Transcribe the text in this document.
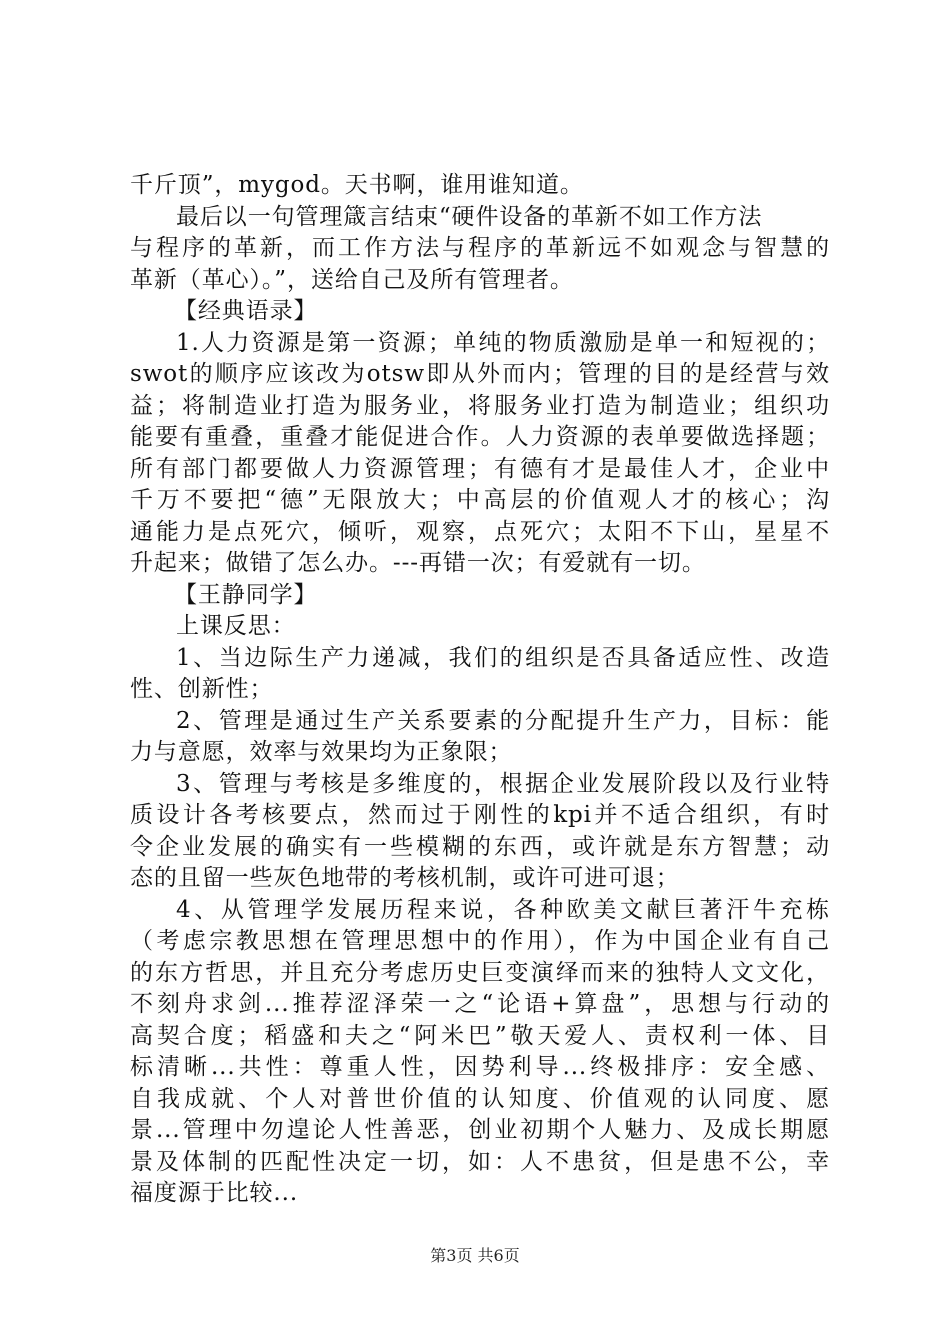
千斤顶”，mygod。天书啊，谁用谁知道。
最后以一句管理箴言结束“硬件设备的革新不如工作方法
与程序的革新，而工作方法与程序的革新远不如观念与智慧的
革新（革心）。”，送给自己及所有管理者。
【经典语录】
1.人力资源是第一资源；单纯的物质激励是单一和短视的；
swot的顺序应该改为otsw即从外而内；管理的目的是经营与效
益；将制造业打造为服务业，将服务业打造为制造业；组织功
能要有重叠，重叠才能促进合作。人力资源的表单要做选择题；
所有部门都要做人力资源管理；有德有才是最佳人才，企业中
千万不要把“德”无限放大；中高层的价值观人才的核心；沟
通能力是点死穴，倾听，观察，点死穴；太阳不下山，星星不
升起来；做错了怎么办。---再错一次；有爱就有一切。
【王静同学】
上课反思：
1、当边际生产力递减，我们的组织是否具备适应性、改造
性、创新性；
2、管理是通过生产关系要素的分配提升生产力，目标：能
力与意愿，效率与效果均为正象限；
3、管理与考核是多维度的，根据企业发展阶段以及行业特
质设计各考核要点，然而过于刚性的kpi并不适合组织，有时
令企业发展的确实有一些模糊的东西，或许就是东方智慧；动
态的且留一些灰色地带的考核机制，或许可进可退；
4、从管理学发展历程来说，各种欧美文献巨著汗牛充栋
（考虑宗教思想在管理思想中的作用），作为中国企业有自己
的东方哲思，并且充分考虑历史巨变演绎而来的独特人文文化，
不刻舟求剑...推荐涩泽荣一之“论语+算盘”，思想与行动的
高契合度；稻盛和夫之“阿米巴”敬天爱人、责权利一体、目
标清晰...共性：尊重人性，因势利导...终极排序：安全感、
自我成就、个人对普世价值的认知度、价值观的认同度、愿
景...管理中勿遑论人性善恶，创业初期个人魅力、及成长期愿
景及体制的匹配性决定一切，如：人不患贫，但是患不公，幸
福度源于比较...
第3页 共6页
